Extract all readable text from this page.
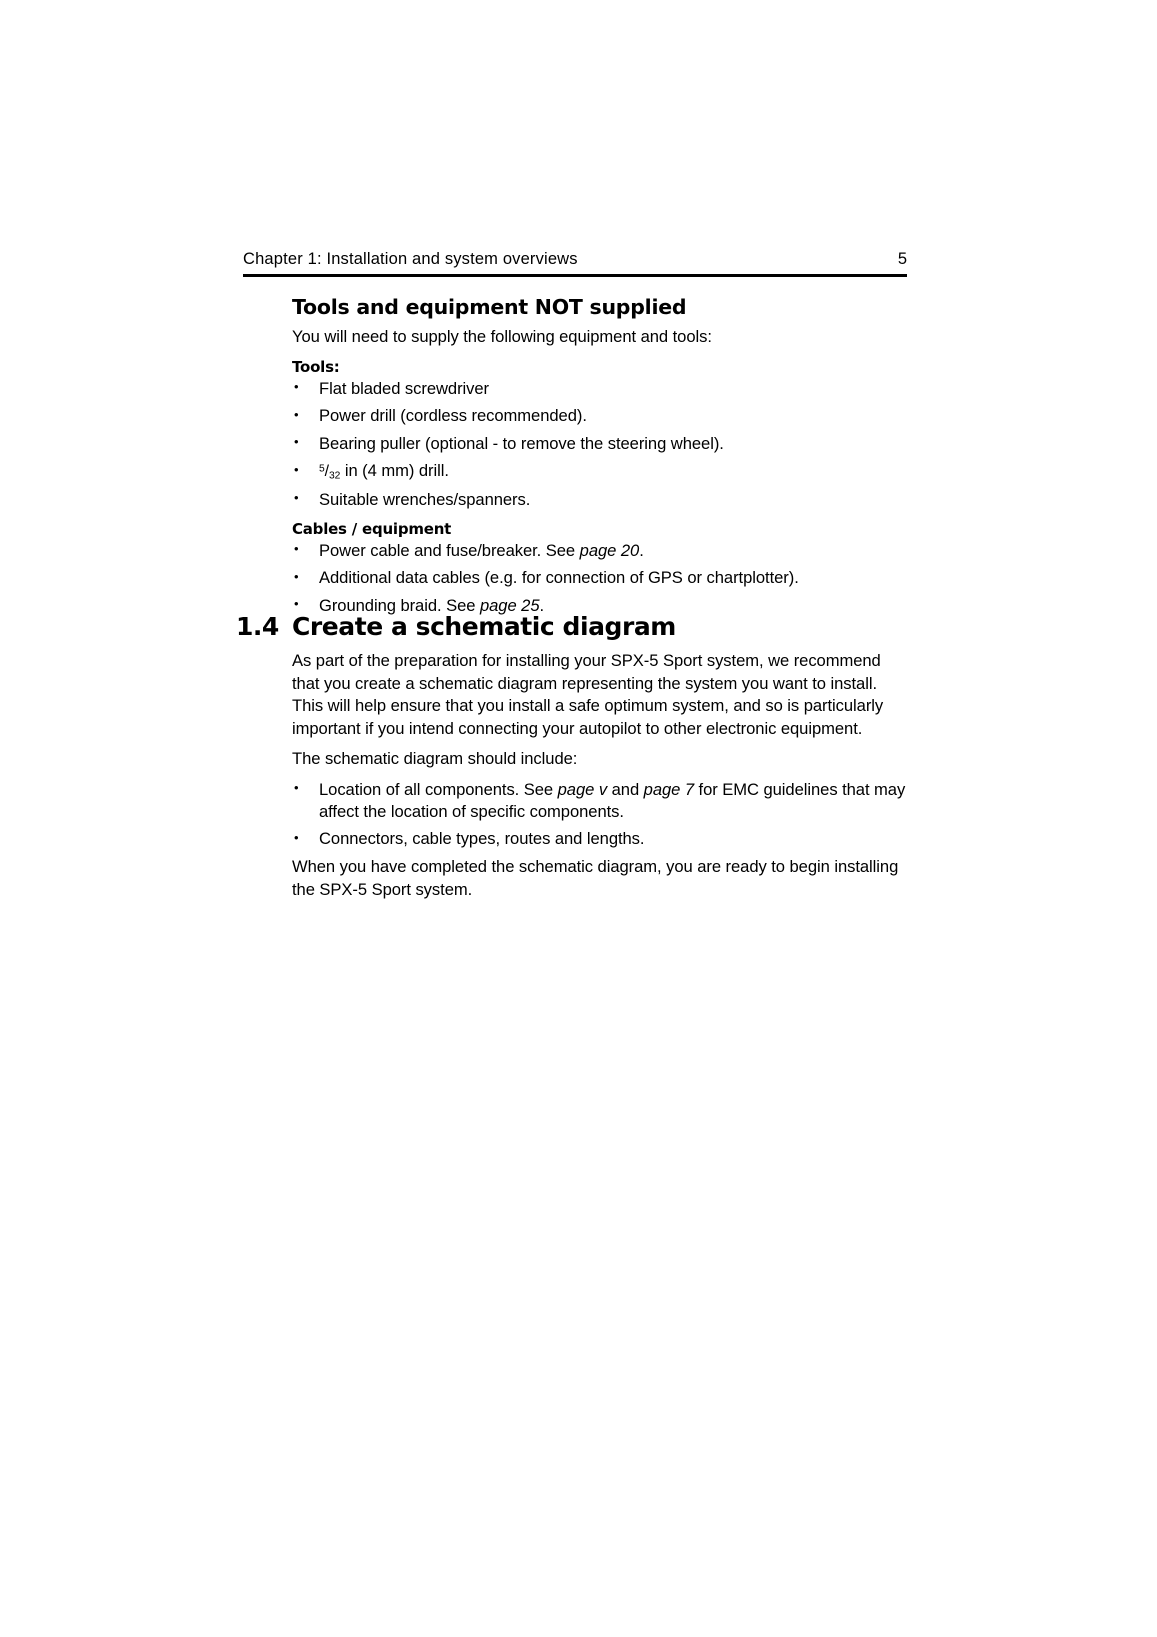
Chapter 1: Installation and system overviews	5
Tools and equipment NOT supplied

You will need to supply the following equipment and tools:

Tools:
• Flat bladed screwdriver
• Power drill (cordless recommended).
• Bearing puller (optional - to remove the steering wheel).
• $^5/_{32}$ in (4 mm) drill.
• Suitable wrenches/spanners.
Cables / equipment
• Power cable and fuse/breaker. See page 20.
• Additional data cables (e.g. for connection of GPS or chartplotter).
• Grounding braid. See page 25.
1.4 Create a schematic diagram

As part of the preparation for installing your SPX-5 Sport system, we recommend that you create a schematic diagram representing the system you want to install. This will help ensure that you install a safe optimum system, and so is particularly important if you intend connecting your autopilot to other electronic equipment.

The schematic diagram should include:

• Location of all components. See page v and page 7 for EMC guidelines that may affect the location of specific components.
• Connectors, cable types, routes and lengths.

When you have completed the schematic diagram, you are ready to begin installing the SPX-5 Sport system.
